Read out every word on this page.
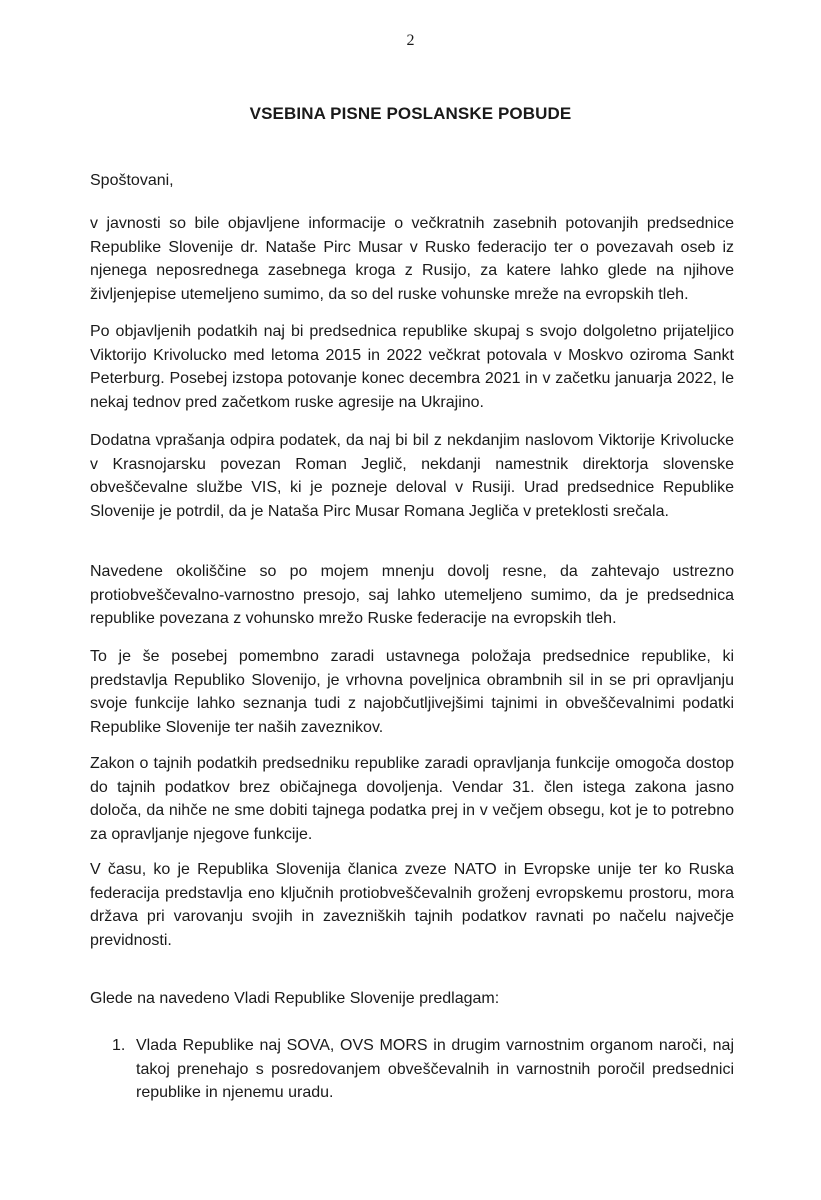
2
VSEBINA PISNE POSLANSKE POBUDE
Spoštovani,

v javnosti so bile objavljene informacije o večkratnih zasebnih potovanjih predsednice Republike Slovenije dr. Nataše Pirc Musar v Rusko federacijo ter o povezavah oseb iz njenega neposrednega zasebnega kroga z Rusijo, za katere lahko glede na njihove življenjepise utemeljeno sumimo, da so del ruske vohunske mreže na evropskih tleh.

Po objavljenih podatkih naj bi predsednica republike skupaj s svojo dolgoletno prijateljico Viktorijo Krivolucko med letoma 2015 in 2022 večkrat potovala v Moskvo oziroma Sankt Peterburg. Posebej izstopa potovanje konec decembra 2021 in v začetku januarja 2022, le nekaj tednov pred začetkom ruske agresije na Ukrajino.

Dodatna vprašanja odpira podatek, da naj bi bil z nekdanjim naslovom Viktorije Krivolucke v Krasnojarsku povezan Roman Jeglič, nekdanji namestnik direktorja slovenske obveščevalne službe VIS, ki je pozneje deloval v Rusiji. Urad predsednice Republike Slovenije je potrdil, da je Nataša Pirc Musar Romana Jegliča v preteklosti srečala.

Navedene okoliščine so po mojem mnenju dovolj resne, da zahtevajo ustrezno protiobveščevalno-varnostno presojo, saj lahko utemeljeno sumimo, da je predsednica republike povezana z vohunsko mrežo Ruske federacije na evropskih tleh.

To je še posebej pomembno zaradi ustavnega položaja predsednice republike, ki predstavlja Republiko Slovenijo, je vrhovna poveljnica obrambnih sil in se pri opravljanju svoje funkcije lahko seznanja tudi z najobčutljivejšimi tajnimi in obveščevalnimi podatki Republike Slovenije ter naših zaveznikov.

Zakon o tajnih podatkih predsedniku republike zaradi opravljanja funkcije omogoča dostop do tajnih podatkov brez običajnega dovoljenja. Vendar 31. člen istega zakona jasno določa, da nihče ne sme dobiti tajnega podatka prej in v večjem obsegu, kot je to potrebno za opravljanje njegove funkcije.

V času, ko je Republika Slovenija članica zveze NATO in Evropske unije ter ko Ruska federacija predstavlja eno ključnih protiobveščevalnih groženj evropskemu prostoru, mora država pri varovanju svojih in zavezniških tajnih podatkov ravnati po načelu največje previdnosti.

Glede na navedeno Vladi Republike Slovenije predlagam:
1. Vlada Republike naj SOVA, OVS MORS in drugim varnostnim organom naroči, naj takoj prenehajo s posredovanjem obveščevalnih in varnostnih poročil predsednici republike in njenemu uradu.
